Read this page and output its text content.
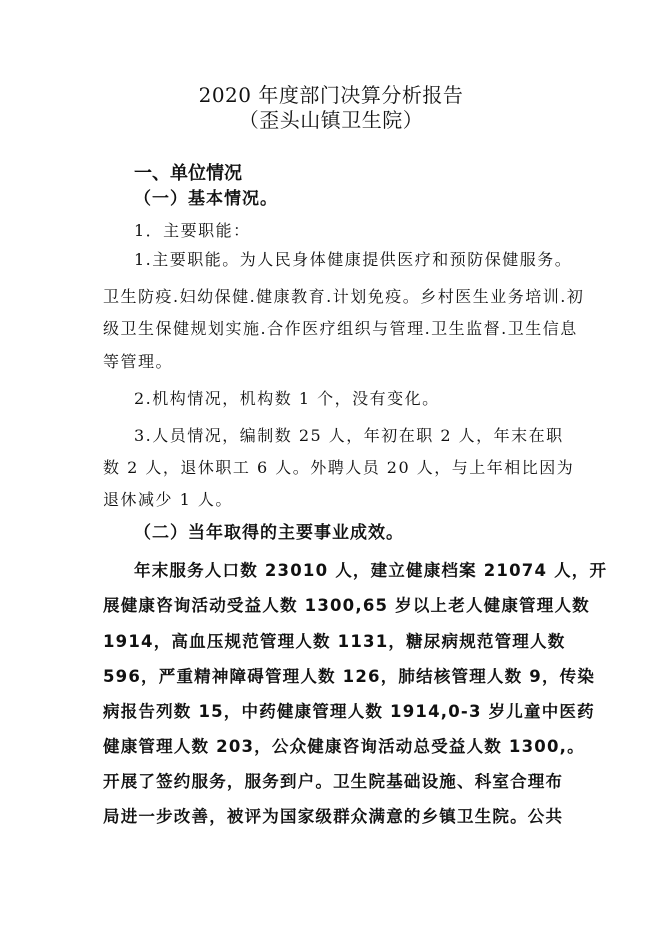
2020 年度部门决算分析报告
（歪头山镇卫生院）
一、单位情况
（一）基本情况。
1．主要职能：
1.主要职能。为人民身体健康提供医疗和预防保健服务。
卫生防疫.妇幼保健.健康教育.计划免疫。乡村医生业务培训.初
级卫生保健规划实施.合作医疗组织与管理.卫生监督.卫生信息
等管理。
2.机构情况，机构数 1 个，没有变化。
3.人员情况，编制数 25 人，年初在职 2 人，年末在职
数 2 人，退休职工 6 人。外聘人员 20 人，与上年相比因为
退休减少 1 人。
（二）当年取得的主要事业成效。
年末服务人口数 23010 人，建立健康档案 21074 人，开
展健康咨询活动受益人数 1300,65 岁以上老人健康管理人数
1914，高血压规范管理人数 1131，糖尿病规范管理人数
596，严重精神障碍管理人数 126，肺结核管理人数 9，传染
病报告列数 15，中药健康管理人数 1914,0-3 岁儿童中医药
健康管理人数 203，公众健康咨询活动总受益人数 1300,。
开展了签约服务，服务到户。卫生院基础设施、科室合理布
局进一步改善，被评为国家级群众满意的乡镇卫生院。公共
